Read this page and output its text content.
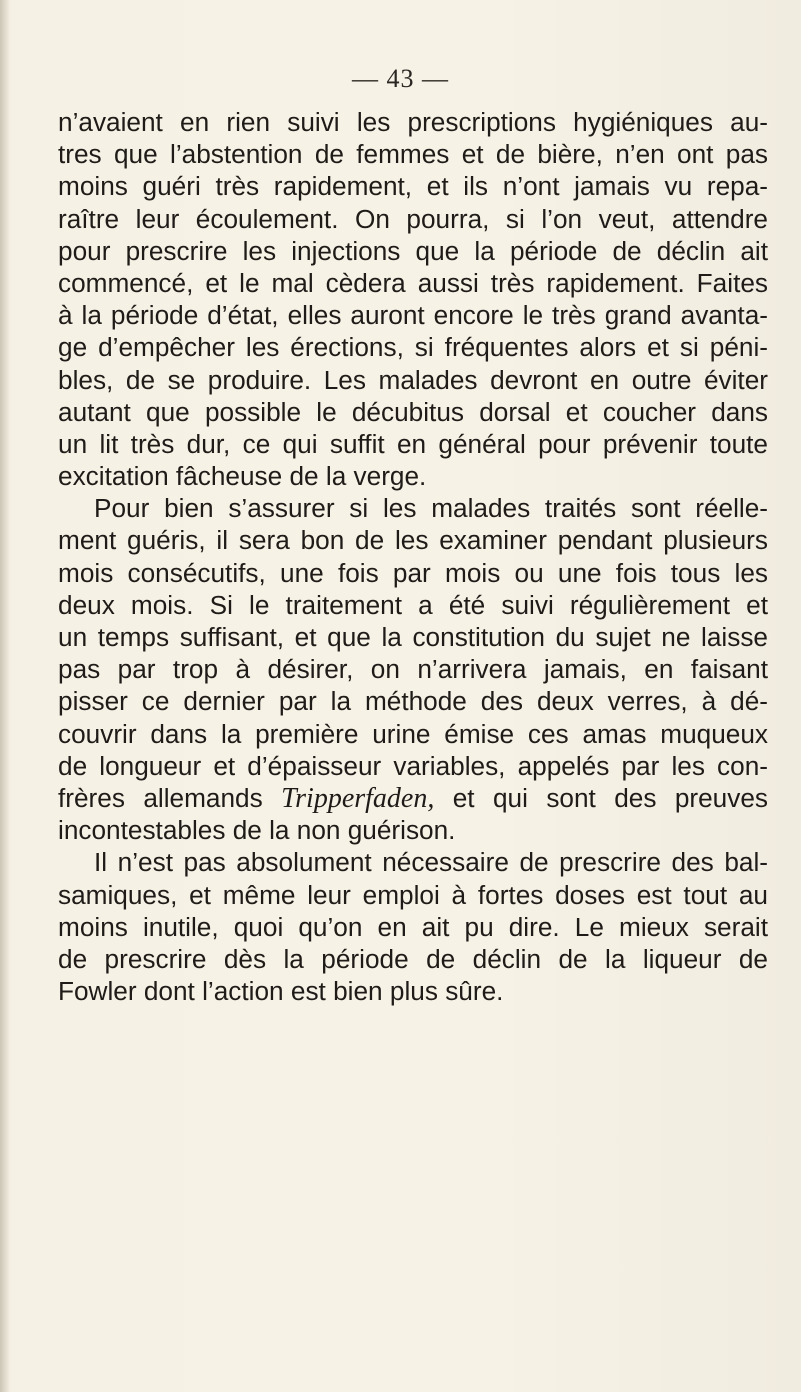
— 43 —
n’avaient en rien suivi les prescriptions hygiéniques au-
tres que l’abstention de femmes et de bière, n’en ont pas
moins guéri très rapidement, et ils n’ont jamais vu repa-
raître leur écoulement. On pourra, si l’on veut, attendre
pour prescrire les injections que la période de déclin ait
commencé, et le mal cèdera aussi très rapidement. Faites
à la période d’état, elles auront encore le très grand avanta-
ge d’empêcher les érections, si fréquentes alors et si péni-
bles, de se produire. Les malades devront en outre éviter
autant que possible le décubitus dorsal et coucher dans
un lit très dur, ce qui suffit en général pour prévenir toute
excitation fâcheuse de la verge.
Pour bien s’assurer si les malades traités sont réelle-
ment guéris, il sera bon de les examiner pendant plusieurs
mois consécutifs, une fois par mois ou une fois tous les
deux mois. Si le traitement a été suivi régulièrement et
un temps suffisant, et que la constitution du sujet ne laisse
pas par trop à désirer, on n’arrivera jamais, en faisant
pisser ce dernier par la méthode des deux verres, à dé-
couvrir dans la première urine émise ces amas muqueux
de longueur et d’épaisseur variables, appelés par les con-
frères allemands Tripperfaden, et qui sont des preuves
incontestables de la non guérison.
Il n’est pas absolument nécessaire de prescrire des bal-
samiques, et même leur emploi à fortes doses est tout au
moins inutile, quoi qu’on en ait pu dire. Le mieux serait
de prescrire dès la période de déclin de la liqueur de
Fowler dont l’action est bien plus sûre.
